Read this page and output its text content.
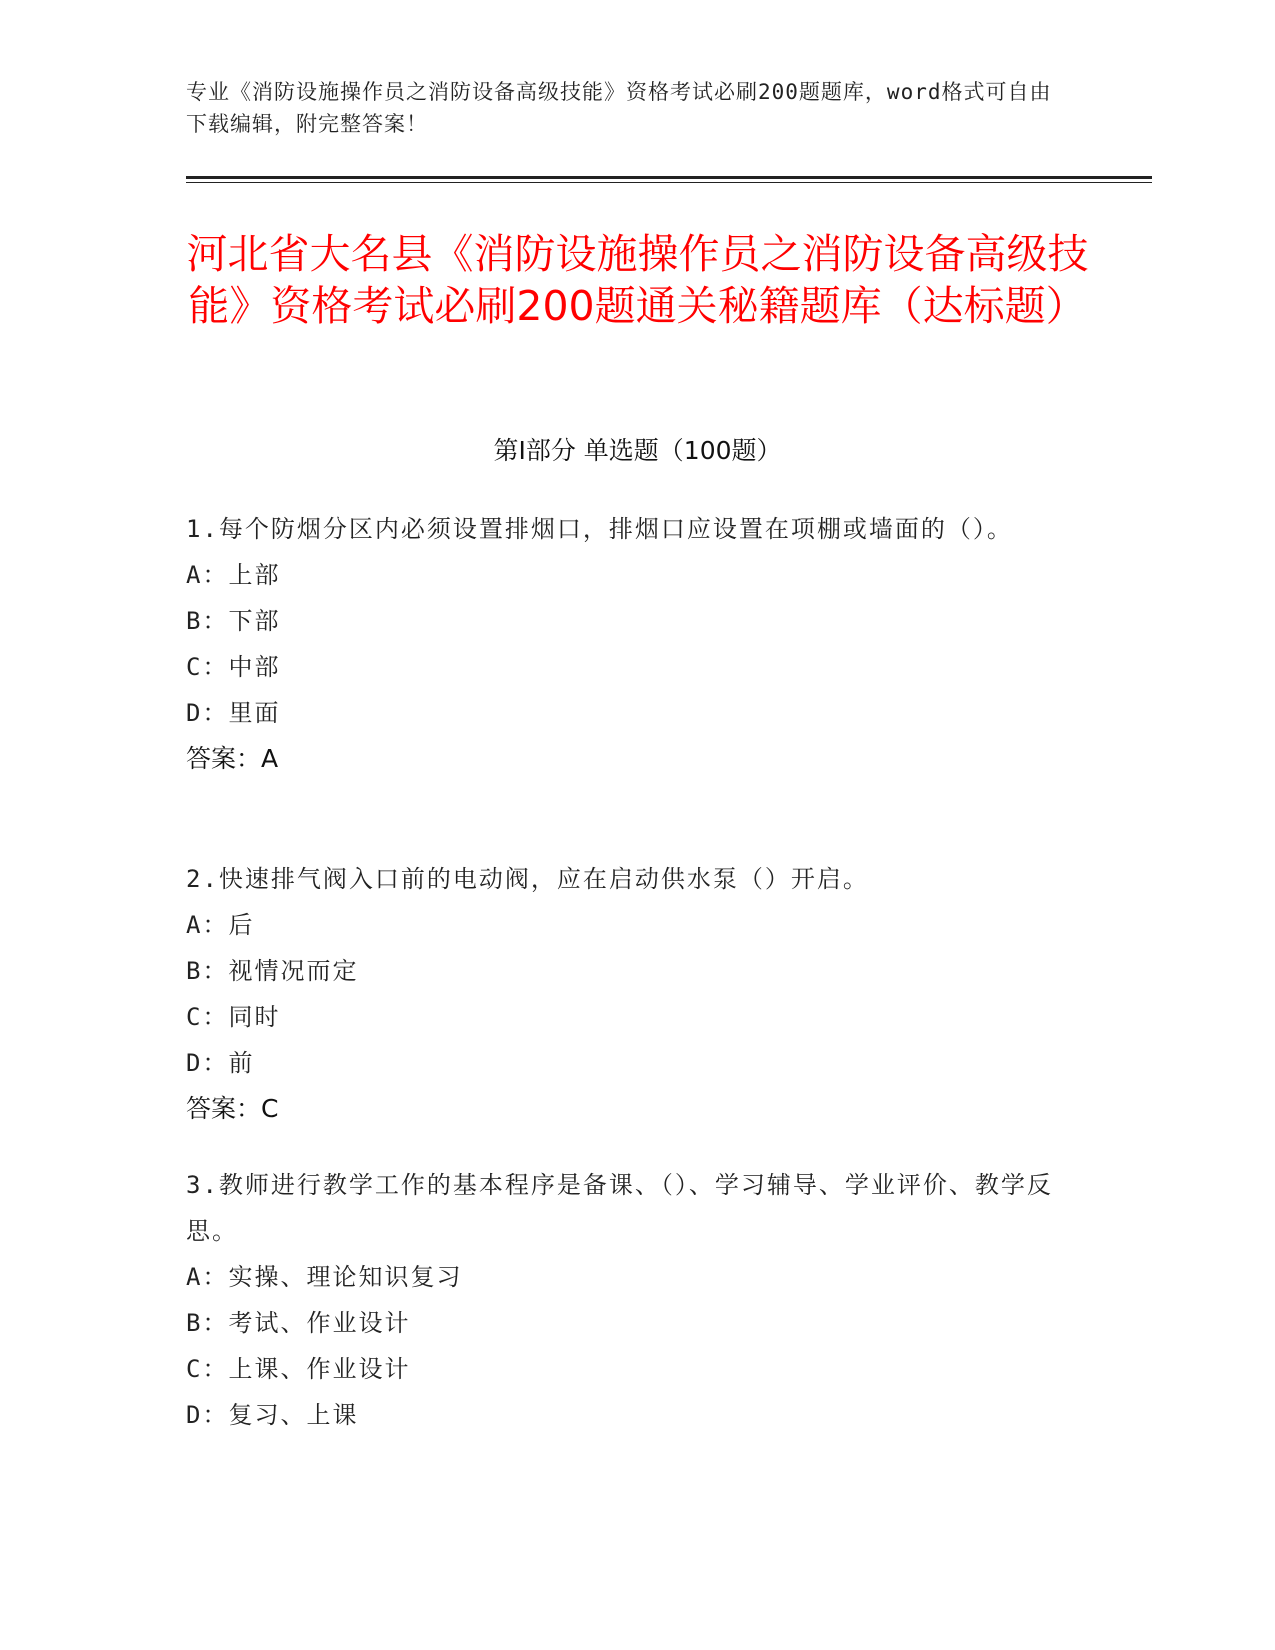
专业《消防设施操作员之消防设备高级技能》资格考试必刷200题题库，word格式可自由下载编辑，附完整答案！
河北省大名县《消防设施操作员之消防设备高级技能》资格考试必刷200题通关秘籍题库（达标题）
第I部分 单选题（100题）
1.每个防烟分区内必须设置排烟口，排烟口应设置在项棚或墙面的（）。
A：上部
B：下部
C：中部
D：里面
答案：A
2.快速排气阀入口前的电动阀，应在启动供水泵（）开启。
A：后
B：视情况而定
C：同时
D：前
答案：C
3.教师进行教学工作的基本程序是备课、（）、学习辅导、学业评价、教学反思。
A：实操、理论知识复习
B：考试、作业设计
C：上课、作业设计
D：复习、上课
